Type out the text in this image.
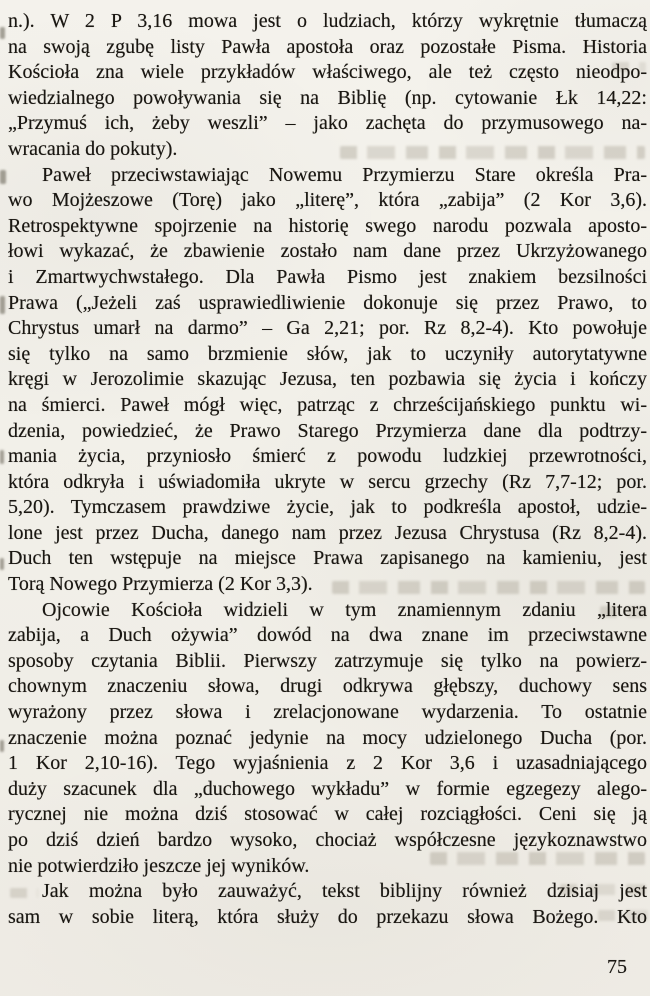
n.). W 2 P 3,16 mowa jest o ludziach, którzy wykrętnie tłumaczą
na swoją zgubę listy Pawła apostoła oraz pozostałe Pisma. Historia
Kościoła zna wiele przykładów właściwego, ale też często nieodpo-
wiedzialnego powoływania się na Biblię (np. cytowanie Łk 14,22:
„Przymuś ich, żeby weszli” – jako zachęta do przymusowego na-
wracania do pokuty).
Paweł przeciwstawiając Nowemu Przymierzu Stare określa Pra-
wo Mojżeszowe (Torę) jako „literę”, która „zabija” (2 Kor 3,6).
Retrospektywne spojrzenie na historię swego narodu pozwala aposto-
łowi wykazać, że zbawienie zostało nam dane przez Ukrzyżowanego
i Zmartwychwstałego. Dla Pawła Pismo jest znakiem bezsilności
Prawa („Jeżeli zaś usprawiedliwienie dokonuje się przez Prawo, to
Chrystus umarł na darmo” – Ga 2,21; por. Rz 8,2-4). Kto powołuje
się tylko na samo brzmienie słów, jak to uczyniły autorytatywne
kręgi w Jerozolimie skazując Jezusa, ten pozbawia się życia i kończy
na śmierci. Paweł mógł więc, patrząc z chrześcijańskiego punktu wi-
dzenia, powiedzieć, że Prawo Starego Przymierza dane dla podtrzy-
mania życia, przyniosło śmierć z powodu ludzkiej przewrotności,
która odkryła i uświadomiła ukryte w sercu grzechy (Rz 7,7-12; por.
5,20). Tymczasem prawdziwe życie, jak to podkreśla apostoł, udzie-
lone jest przez Ducha, danego nam przez Jezusa Chrystusa (Rz 8,2-4).
Duch ten wstępuje na miejsce Prawa zapisanego na kamieniu, jest
Torą Nowego Przymierza (2 Kor 3,3).
Ojcowie Kościoła widzieli w tym znamiennym zdaniu „litera
zabija, a Duch ożywia” dowód na dwa znane im przeciwstawne
sposoby czytania Biblii. Pierwszy zatrzymuje się tylko na powierz-
chownym znaczeniu słowa, drugi odkrywa głębszy, duchowy sens
wyrażony przez słowa i zrelacjonowane wydarzenia. To ostatnie
znaczenie można poznać jedynie na mocy udzielonego Ducha (por.
1 Kor 2,10-16). Tego wyjaśnienia z 2 Kor 3,6 i uzasadniającego
duży szacunek dla „duchowego wykładu” w formie egzegezy alego-
rycznej nie można dziś stosować w całej rozciągłości. Ceni się ją
po dziś dzień bardzo wysoko, chociaż współczesne językoznawstwo
nie potwierdziło jeszcze jej wyników.
Jak można było zauważyć, tekst biblijny również dzisiaj jest
sam w sobie literą, która służy do przekazu słowa Bożego. Kto
75
